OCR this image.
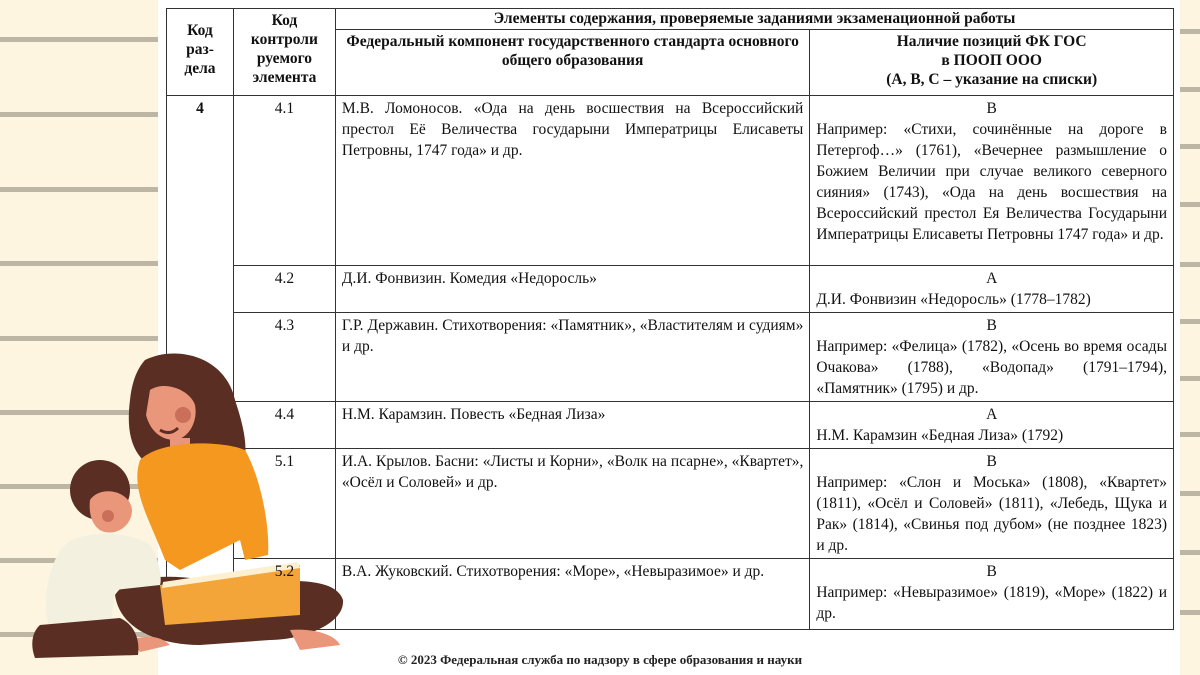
Код раз-дела	Код контроли руемого элемента	Элементы содержания, проверяемые заданиями экзаменационной работы	
		Федеральный компонент государственного стандарта основного общего образования	Наличие позиций ФК ГОС
в ПООП ООО
(А, В, С – указание на списки)

4	4.1	М.В. Ломоносов. «Ода на день восшествия на Всероссийский престол Её Величества государыни Императрицы Елисаветы Петровны, 1747 года» и др.	В
Например: «Стихи, сочинённые на дороге в Петергоф…» (1761), «Вечернее размышление о Божием Величии при случае великого северного сияния» (1743), «Ода на день восшествия на Всероссийский престол Ея Величества Государыни Императрицы Елисаветы Петровны 1747 года» и др.

	4.2	Д.И. Фонвизин. Комедия «Недоросль»	А
Д.И. Фонвизин «Недоросль» (1778–1782)

	4.3	Г.Р. Державин. Стихотворения: «Памятник», «Властителям и судиям» и др.	В
Например: «Фелица» (1782), «Осень во время осады Очакова» (1788), «Водопад» (1791–1794), «Памятник» (1795) и др.

	4.4	Н.М. Карамзин. Повесть «Бедная Лиза»	А
Н.М. Карамзин «Бедная Лиза» (1792)

	5.1	И.А. Крылов. Басни: «Листы и Корни», «Волк на псарне», «Квартет», «Осёл и Соловей» и др.	В
Например: «Слон и Моська» (1808), «Квартет» (1811), «Осёл и Соловей» (1811), «Лебедь, Щука и Рак» (1814), «Свинья под дубом» (не позднее 1823) и др.

	5.2	В.А. Жуковский. Стихотворения: «Море», «Невыразимое» и др.	В
Например: «Невыразимое» (1819), «Море» (1822) и др.
© 2023 Федеральная служба по надзору в сфере образования и науки
